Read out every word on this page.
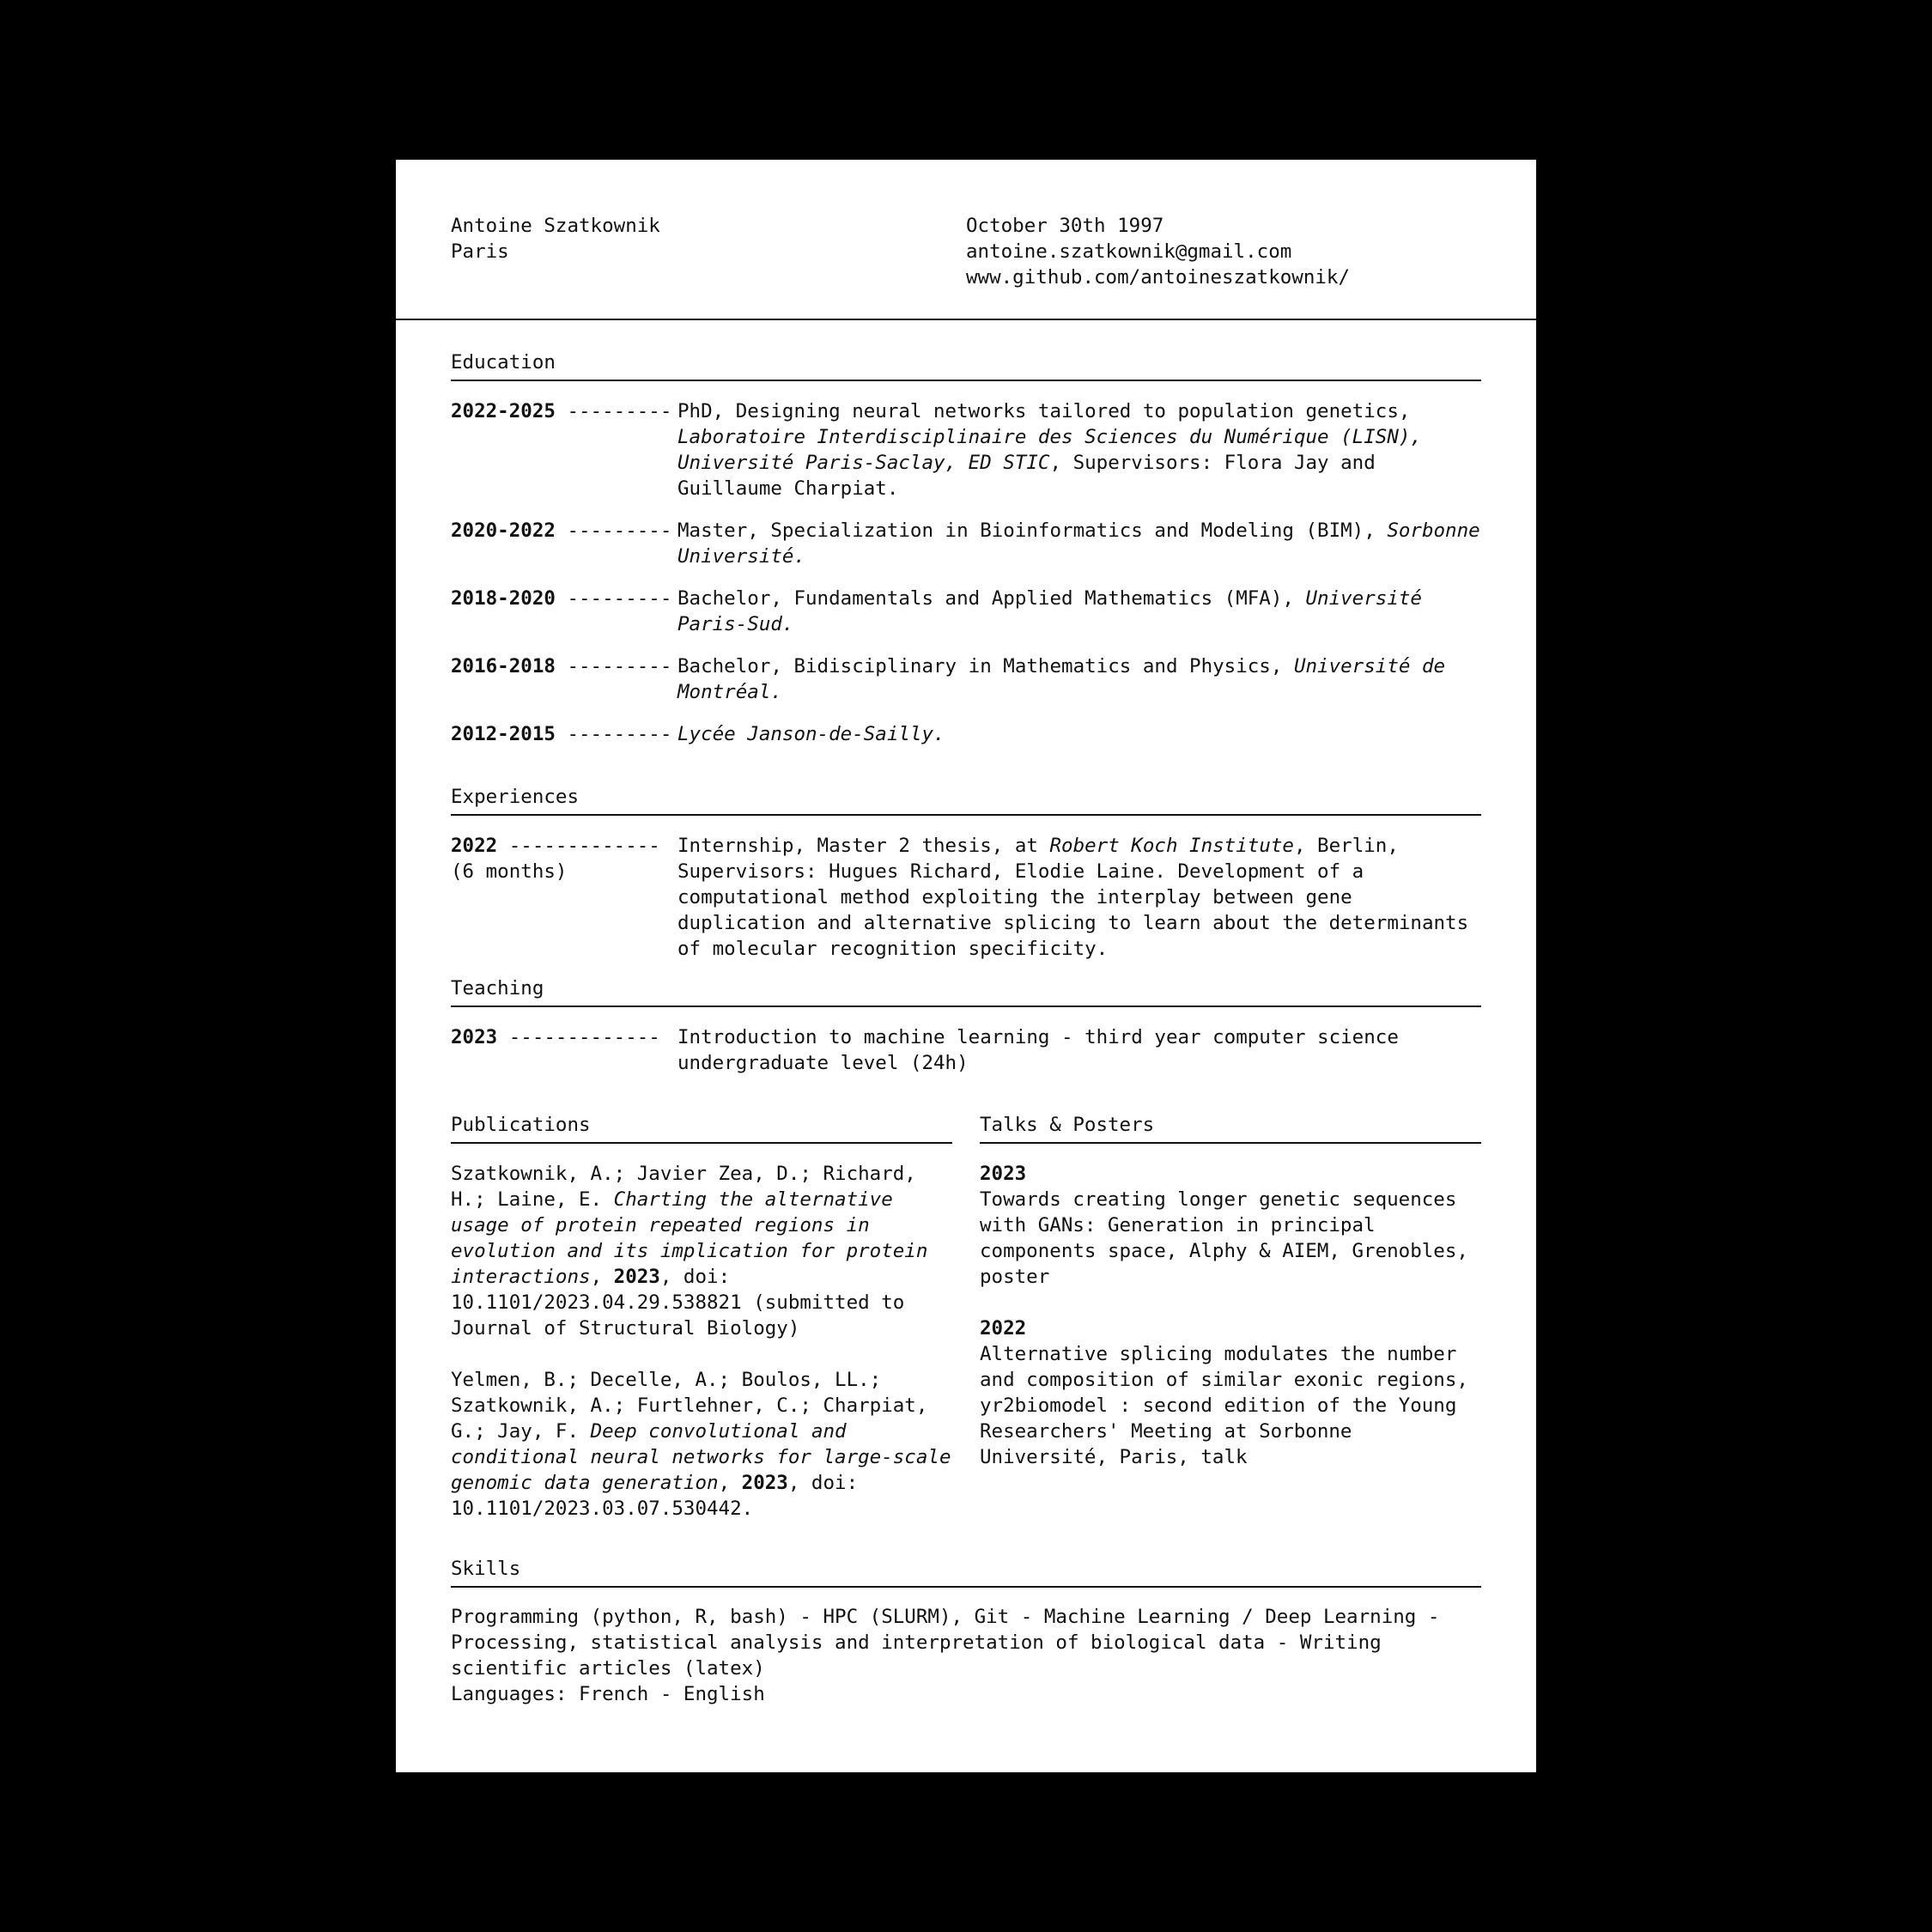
Antoine Szatkownik
Paris
October 30th 1997
antoine.szatkownik@gmail.com
www.github.com/antoineszatkownik/
Education
2022-2025 --------- PhD, Designing neural networks tailored to population genetics, Laboratoire Interdisciplinaire des Sciences du Numérique (LISN), Université Paris-Saclay, ED STIC, Supervisors: Flora Jay and Guillaume Charpiat.
2020-2022 --------- Master, Specialization in Bioinformatics and Modeling (BIM), Sorbonne Université.
2018-2020 --------- Bachelor, Fundamentals and Applied Mathematics (MFA), Université Paris-Sud.
2016-2018 --------- Bachelor, Bidisciplinary in Mathematics and Physics, Université de Montréal.
2012-2015 --------- Lycée Janson-de-Sailly.
Experiences
2022 -------------
(6 months)
Internship, Master 2 thesis, at Robert Koch Institute, Berlin, Supervisors: Hugues Richard, Elodie Laine. Development of a computational method exploiting the interplay between gene duplication and alternative splicing to learn about the determinants of molecular recognition specificity.
Teaching
2023 ------------- Introduction to machine learning - third year computer science undergraduate level (24h)
Publications
Szatkownik, A.; Javier Zea, D.; Richard, H.; Laine, E. Charting the alternative usage of protein repeated regions in evolution and its implication for protein interactions, 2023, doi: 10.1101/2023.04.29.538821 (submitted to Journal of Structural Biology)
Yelmen, B.; Decelle, A.; Boulos, LL.; Szatkownik, A.; Furtlehner, C.; Charpiat, G.; Jay, F. Deep convolutional and conditional neural networks for large-scale genomic data generation, 2023, doi: 10.1101/2023.03.07.530442.
Talks & Posters
2023
Towards creating longer genetic sequences with GANs: Generation in principal components space, Alphy & AIEM, Grenobles, poster
2022
Alternative splicing modulates the number and composition of similar exonic regions, yr2biomodel : second edition of the Young Researchers' Meeting at Sorbonne Université, Paris, talk
Skills
Programming (python, R, bash) - HPC (SLURM), Git - Machine Learning / Deep Learning - Processing, statistical analysis and interpretation of biological data - Writing scientific articles (latex)
Languages: French - English
